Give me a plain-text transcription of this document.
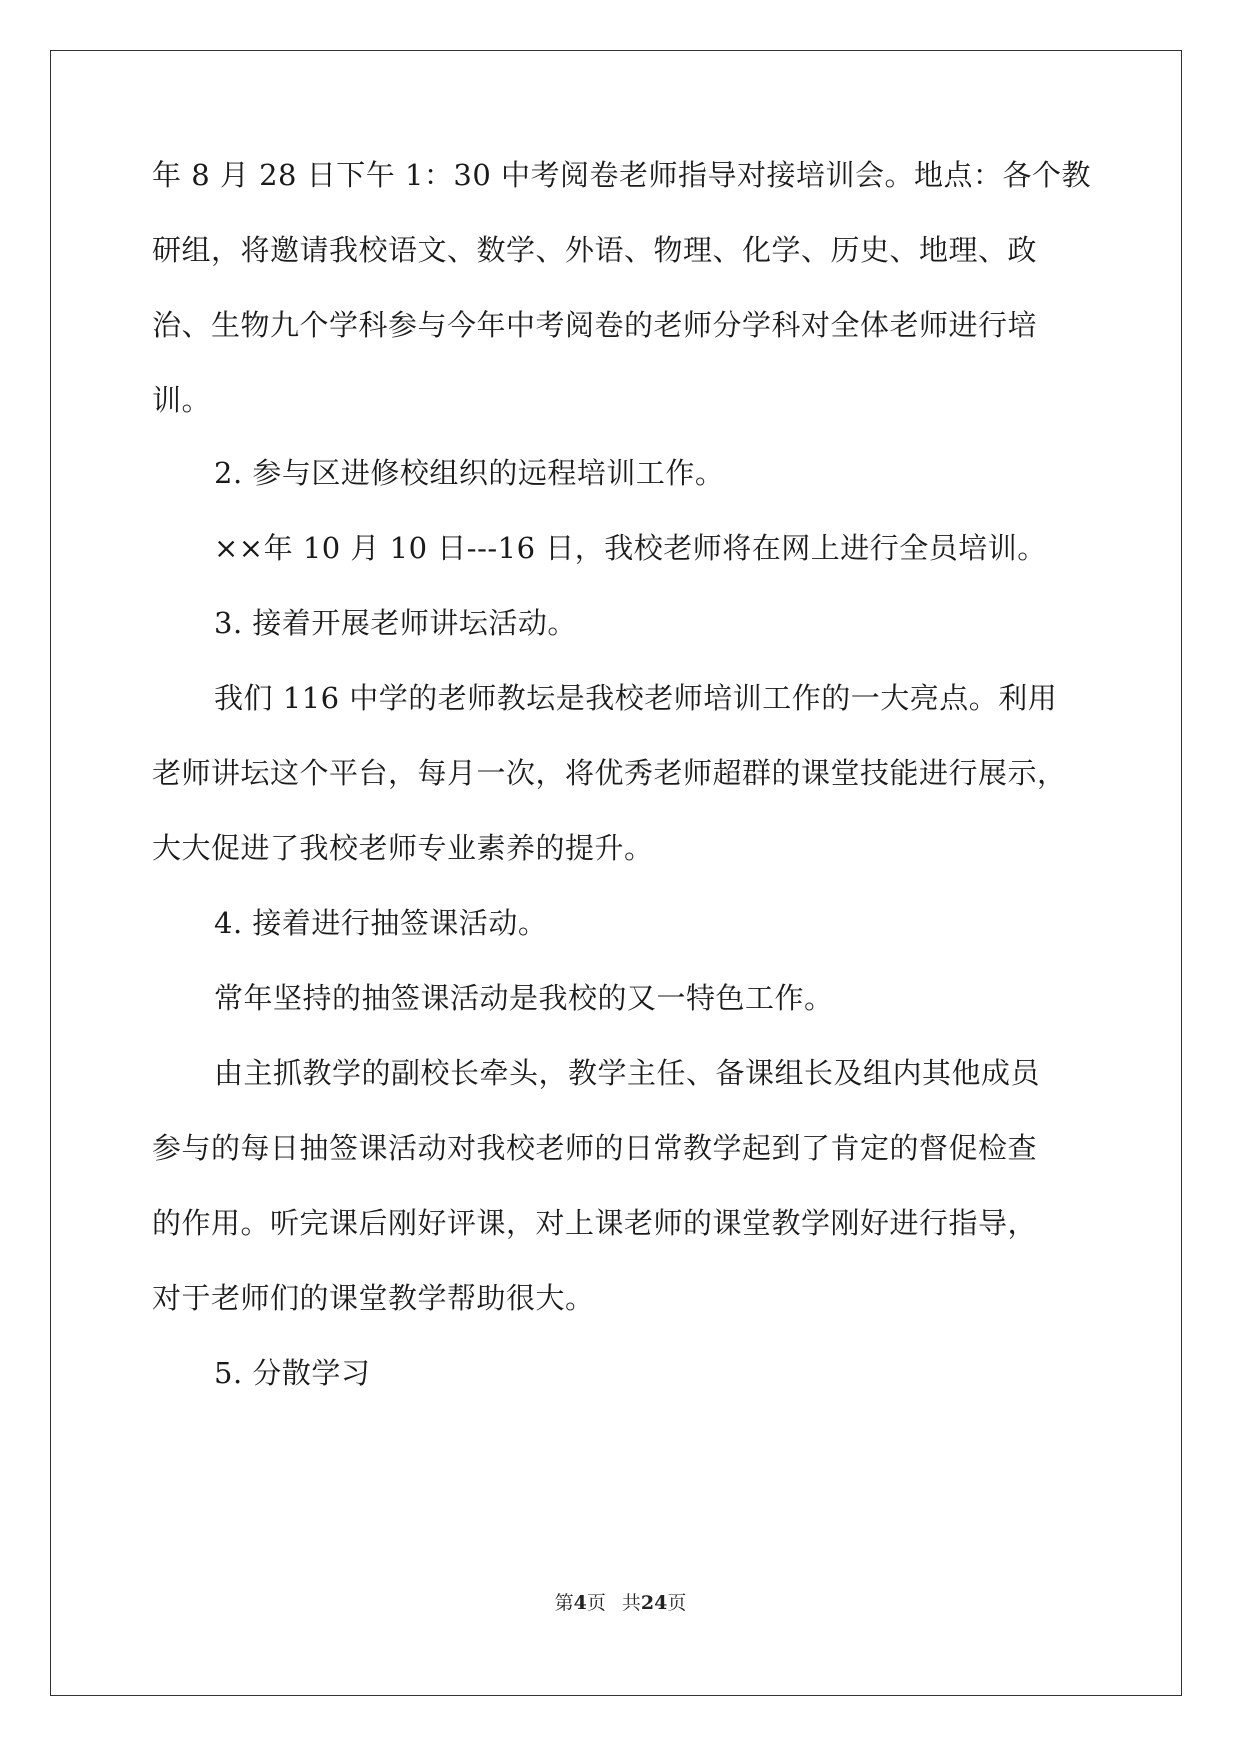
年 8 月 28 日下午 1：30 中考阅卷老师指导对接培训会。地点：各个教
研组，将邀请我校语文、数学、外语、物理、化学、历史、地理、政
治、生物九个学科参与今年中考阅卷的老师分学科对全体老师进行培
训。
2. 参与区进修校组织的远程培训工作。
××年 10 月 10 日---16 日，我校老师将在网上进行全员培训。
3. 接着开展老师讲坛活动。
我们 116 中学的老师教坛是我校老师培训工作的一大亮点。利用
老师讲坛这个平台，每月一次，将优秀老师超群的课堂技能进行展示，
大大促进了我校老师专业素养的提升。
4. 接着进行抽签课活动。
常年坚持的抽签课活动是我校的又一特色工作。
由主抓教学的副校长牵头，教学主任、备课组长及组内其他成员
参与的每日抽签课活动对我校老师的日常教学起到了肯定的督促检查
的作用。听完课后刚好评课，对上课老师的课堂教学刚好进行指导，
对于老师们的课堂教学帮助很大。
5. 分散学习
第4页 共24页
